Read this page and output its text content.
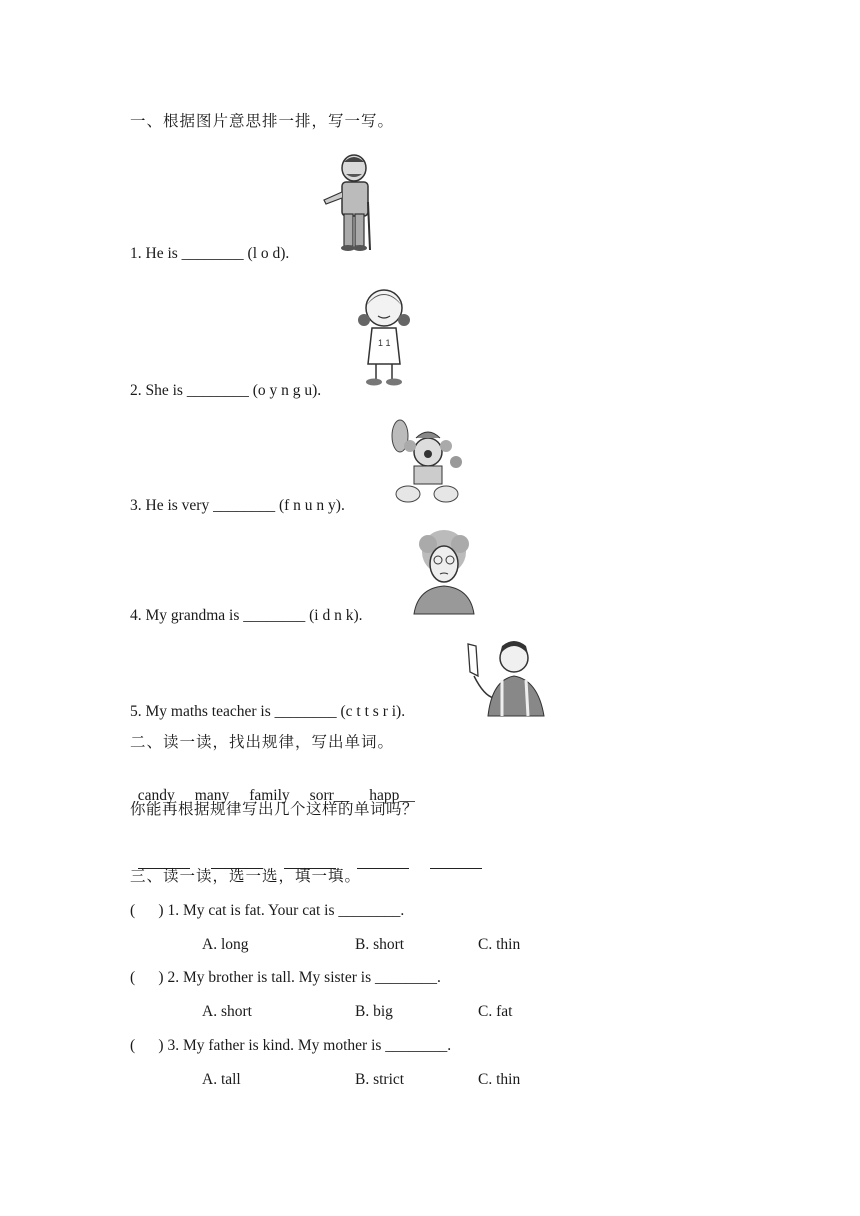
一、根据图片意思排一排，写一写。
1. He is ________ (l o d).
1 1
2. She is ________ (o y n g u).
3. He is very ________ (f n u n y).
4. My grandma is ________ (i d n k).
5. My maths teacher is ________ (c t t s r i).
二、读一读，找出规律，写出单词。

candy many family sorr__ happ__

你能再根据规律写出几个这样的单词吗？

三、读一读，选一选，填一填。
(      ) 1. My cat is fat. Your cat is ________.
A. long	B. short	C. thin
(      ) 2. My brother is tall. My sister is ________.
A. short	B. big	C. fat
(      ) 3. My father is kind. My mother is ________.
A. tall	B. strict	C. thin
